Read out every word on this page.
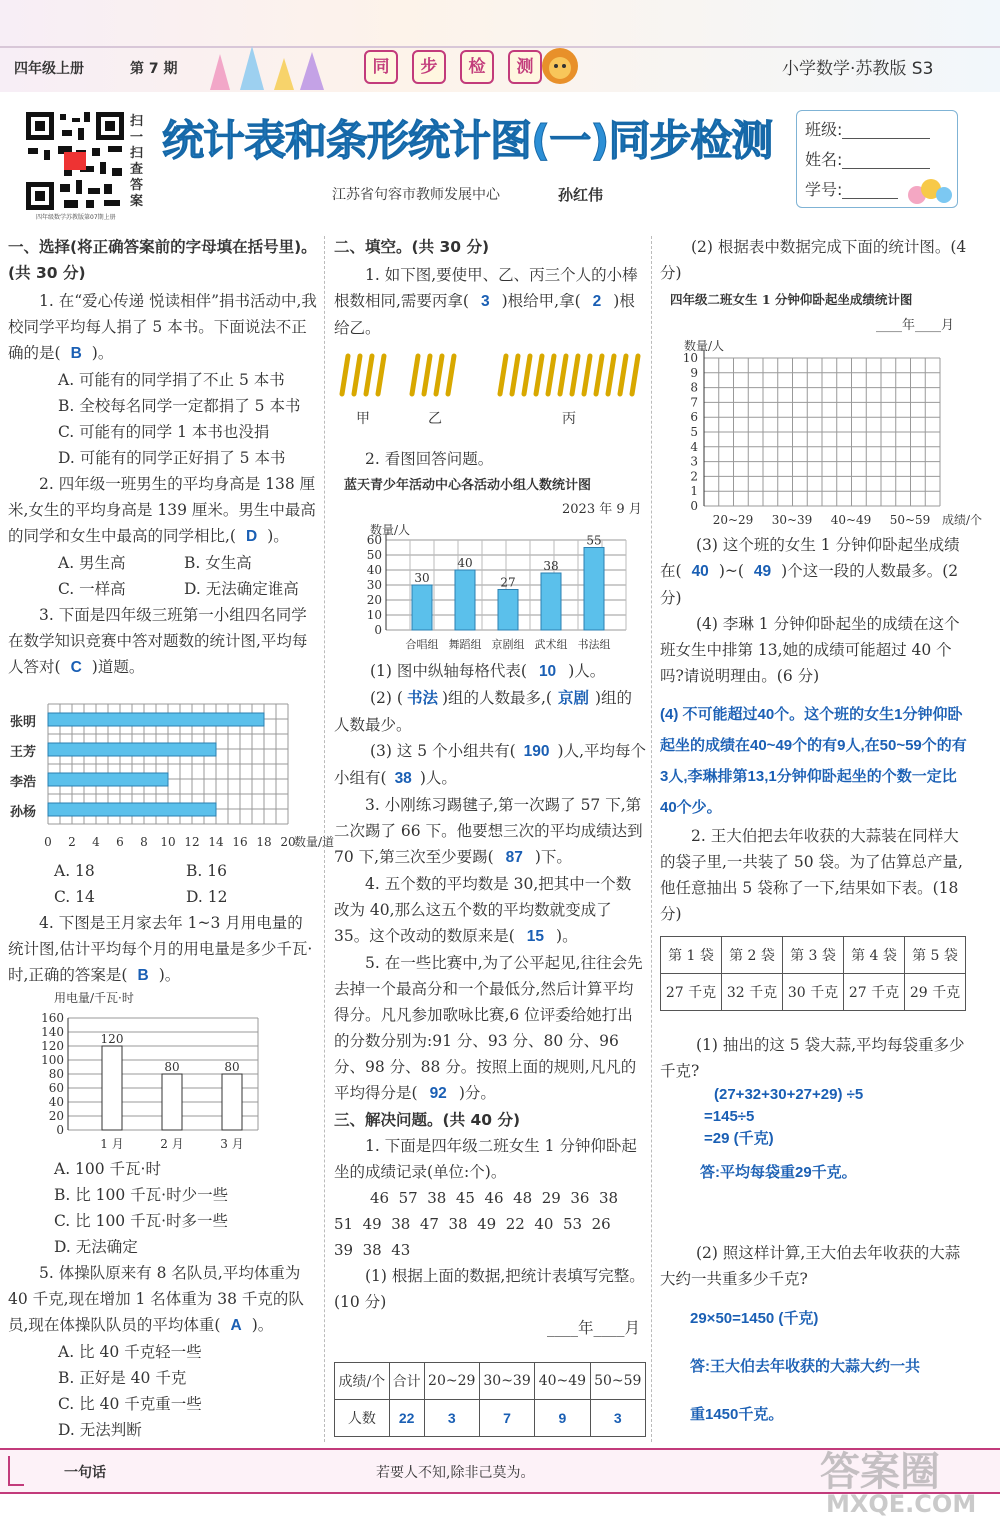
四年级上册	第 7 期	同	步	检	测	小学数学·苏教版 S3
四年级数学苏教版第07期上册
扫一扫 查答案
统计表和条形统计图(一)同步检测
江苏省句容市教师发展中心	孙红伟
班级:
姓名:
学号:
一、选择(将正确答案前的字母填在括号里)。(共 30 分)
1. 在“爱心传递 悦读相伴”捐书活动中,我校同学平均每人捐了 5 本书。下面说法不正确的是( B )。
A. 可能有的同学捐了不止 5 本书
B. 全校每名同学一定都捐了 5 本书
C. 可能有的同学 1 本书也没捐
D. 可能有的同学正好捐了 5 本书
2. 四年级一班男生的平均身高是 138 厘米,女生的平均身高是 139 厘米。男生中最高的同学和女生中最高的同学相比,( D )。
A. 男生高	B. 女生高
C. 一样高	D. 无法确定谁高
3. 下面是四年级三班第一小组四名同学在数学知识竞赛中答对题数的统计图,平均每人答对( C )道题。
张明
王芳
李浩
孙杨
0 2 4 6 8 10 12 14 16 18 20
数量/道
A. 18	B. 16
C. 14	D. 12
4. 下图是王月家去年 1~3 月用电量的统计图,估计平均每个月的用电量是多少千瓦·时,正确的答案是( B )。
用电量/千瓦·时
0
20
40
60
80
100
120
140
160
120
1 月
80
2 月
80
3 月
A. 100 千瓦·时
B. 比 100 千瓦·时少一些
C. 比 100 千瓦·时多一些
D. 无法确定
5. 体操队原来有 8 名队员,平均体重为 40 千克,现在增加 1 名体重为 38 千克的队员,现在体操队队员的平均体重( A )。
A. 比 40 千克轻一些
B. 正好是 40 千克
C. 比 40 千克重一些
D. 无法判断
二、填空。(共 30 分)
1. 如下图,要使甲、乙、丙三个人的小棒根数相同,需要丙拿( 3 )根给甲,拿( 2 )根给乙。
甲	乙	丙
2. 看图回答问题。
蓝天青少年活动中心各活动小组人数统计图
2023 年 9 月
数量/人
0
10
20
30
40
50
60
30
合唱组
40
舞蹈组
27
京剧组
38
武术组
55
书法组
(1) 图中纵轴每格代表( 10 )人。
(2) ( 书法 )组的人数最多,( 京剧 )组的人数最少。
(3) 这 5 个小组共有( 190 )人,平均每个小组有( 38 )人。
3. 小刚练习踢毽子,第一次踢了 57 下,第二次踢了 66 下。他要想三次的平均成绩达到 70 下,第三次至少要踢( 87 )下。
4. 五个数的平均数是 30,把其中一个数改为 40,那么这五个数的平均数就变成了 35。这个改动的数原来是( 15 )。
5. 在一些比赛中,为了公平起见,往往会先去掉一个最高分和一个最低分,然后计算平均得分。凡凡参加歌咏比赛,6 位评委给她打出的分数分别为:91 分、93 分、80 分、96 分、98 分、88 分。按照上面的规则,凡凡的平均得分是( 92 )分。
三、解决问题。(共 40 分)
1. 下面是四年级二班女生 1 分钟仰卧起坐的成绩记录(单位:个)。
46  57  38  45  46  48  29  36  38
51  49  38  47  38  49  22  40  53  26
39  38  43
(1) 根据上面的数据,把统计表填写完整。(10 分)
____年____月
成绩/个	合计	20~29	30~39	40~49	50~59
人数	22	3	7	9	3
(2) 根据表中数据完成下面的统计图。(4 分)
四年级二班女生 1 分钟仰卧起坐成绩统计图
____年____月
数量/人
0
1
2
3
4
5
6
7
8
9
10
20~29 30~39 40~49 50~59 成绩/个
(3) 这个班的女生 1 分钟仰卧起坐成绩在( 40 )~( 49 )个这一段的人数最多。(2 分)
(4) 李琳 1 分钟仰卧起坐的成绩在这个班女生中排第 13,她的成绩可能超过 40 个吗?请说明理由。(6 分)
(4) 不可能超过40个。这个班的女生1分钟仰卧起坐的成绩在40~49个的有9人,在50~59个的有3人,李琳排第13,1分钟仰卧起坐的个数一定比40个少。
2. 王大伯把去年收获的大蒜装在同样大的袋子里,一共装了 50 袋。为了估算总产量,他任意抽出 5 袋称了一下,结果如下表。(18 分)
第 1 袋	第 2 袋	第 3 袋	第 4 袋	第 5 袋
27 千克	32 千克	30 千克	27 千克	29 千克
(1) 抽出的这 5 袋大蒜,平均每袋重多少千克?
(27+32+30+27+29) ÷5
=145÷5
=29 (千克)
答:平均每袋重29千克。
(2) 照这样计算,王大伯去年收获的大蒜大约一共重多少千克?
29×50=1450 (千克)
答:王大伯去年收获的大蒜大约一共
重1450千克。
一句话	若要人不知,除非己莫为。	答案圈
MXQE.COM
